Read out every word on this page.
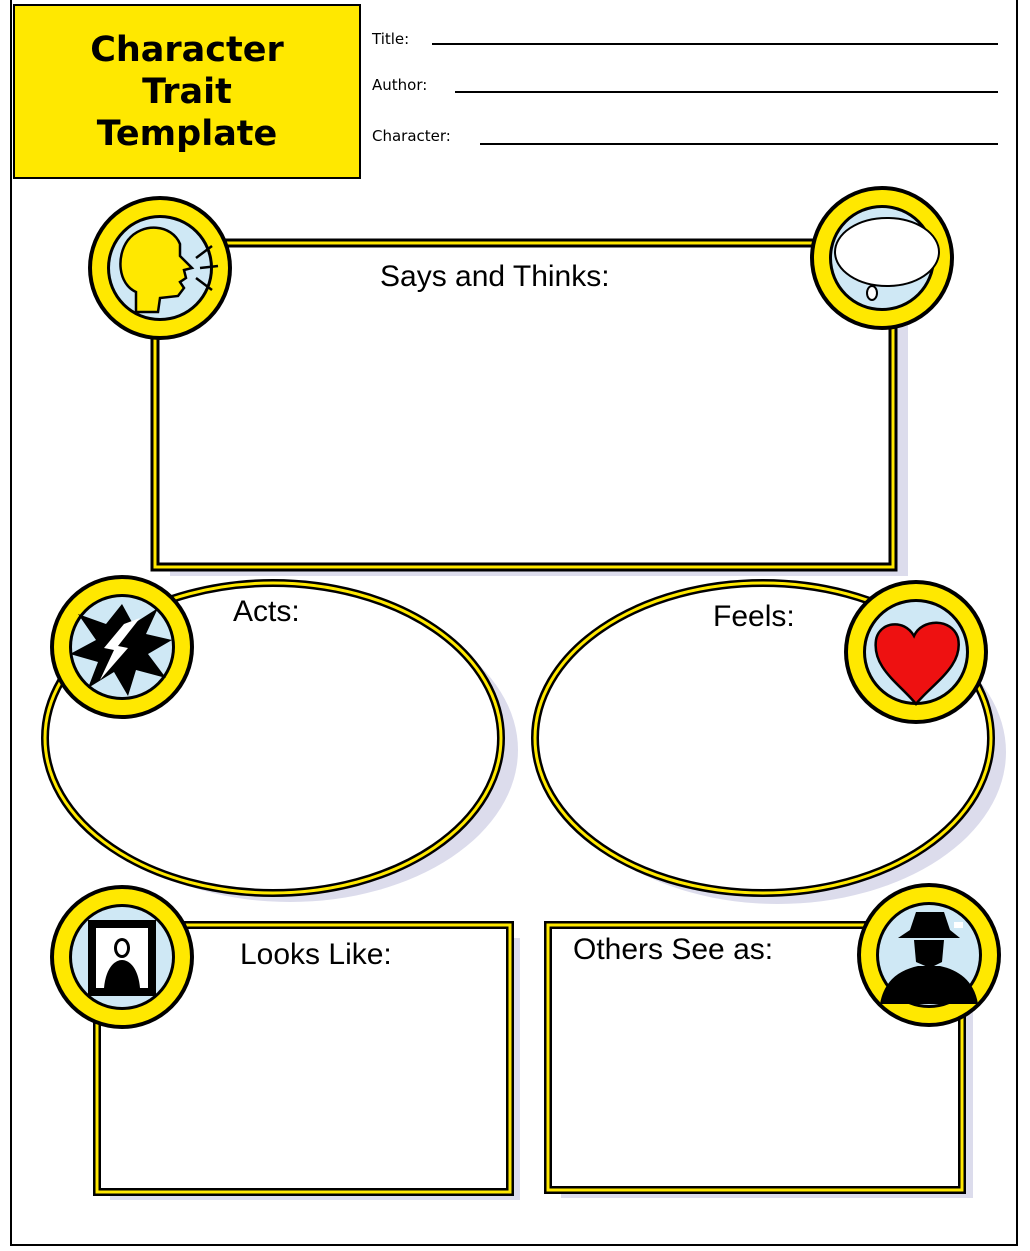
Character
Trait
Template
Title:
Author:
Character:
Says and Thinks:
Acts:	Feels:
Looks Like:	Others See as:
